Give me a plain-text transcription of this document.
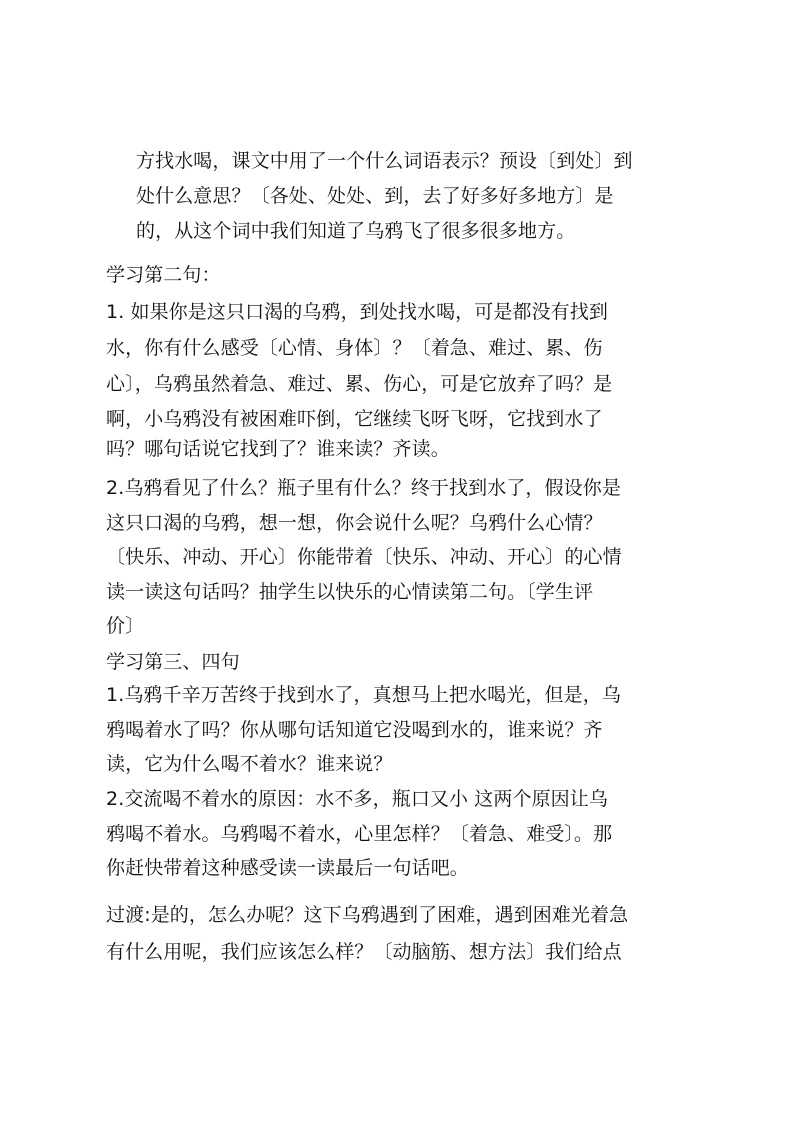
方找水喝，课文中用了一个什么词语表示？预设〔到处〕到
处什么意思？〔各处、处处、到，去了好多好多地方〕是
的，从这个词中我们知道了乌鸦飞了很多很多地方。
学习第二句：
1. 如果你是这只口渴的乌鸦，到处找水喝，可是都没有找到
水，你有什么感受〔心情、身体〕？〔着急、难过、累、伤
心〕，乌鸦虽然着急、难过、累、伤心，可是它放弃了吗？是
啊，小乌鸦没有被困难吓倒，它继续飞呀飞呀，它找到水了
吗？哪句话说它找到了？谁来读？齐读。
2.乌鸦看见了什么？瓶子里有什么？终于找到水了，假设你是
这只口渴的乌鸦，想一想，你会说什么呢？乌鸦什么心情？
〔快乐、冲动、开心〕你能带着〔快乐、冲动、开心〕的心情
读一读这句话吗？抽学生以快乐的心情读第二句。〔学生评
价〕
学习第三、四句
1.乌鸦千辛万苦终于找到水了，真想马上把水喝光，但是，乌
鸦喝着水了吗？你从哪句话知道它没喝到水的，谁来说？齐
读，它为什么喝不着水？谁来说？
2.交流喝不着水的原因：水不多，瓶口又小 这两个原因让乌
鸦喝不着水。乌鸦喝不着水，心里怎样？〔着急、难受〕。那
你赶快带着这种感受读一读最后一句话吧。
过渡:是的，怎么办呢？这下乌鸦遇到了困难，遇到困难光着急
有什么用呢，我们应该怎么样？〔动脑筋、想方法〕我们给点
